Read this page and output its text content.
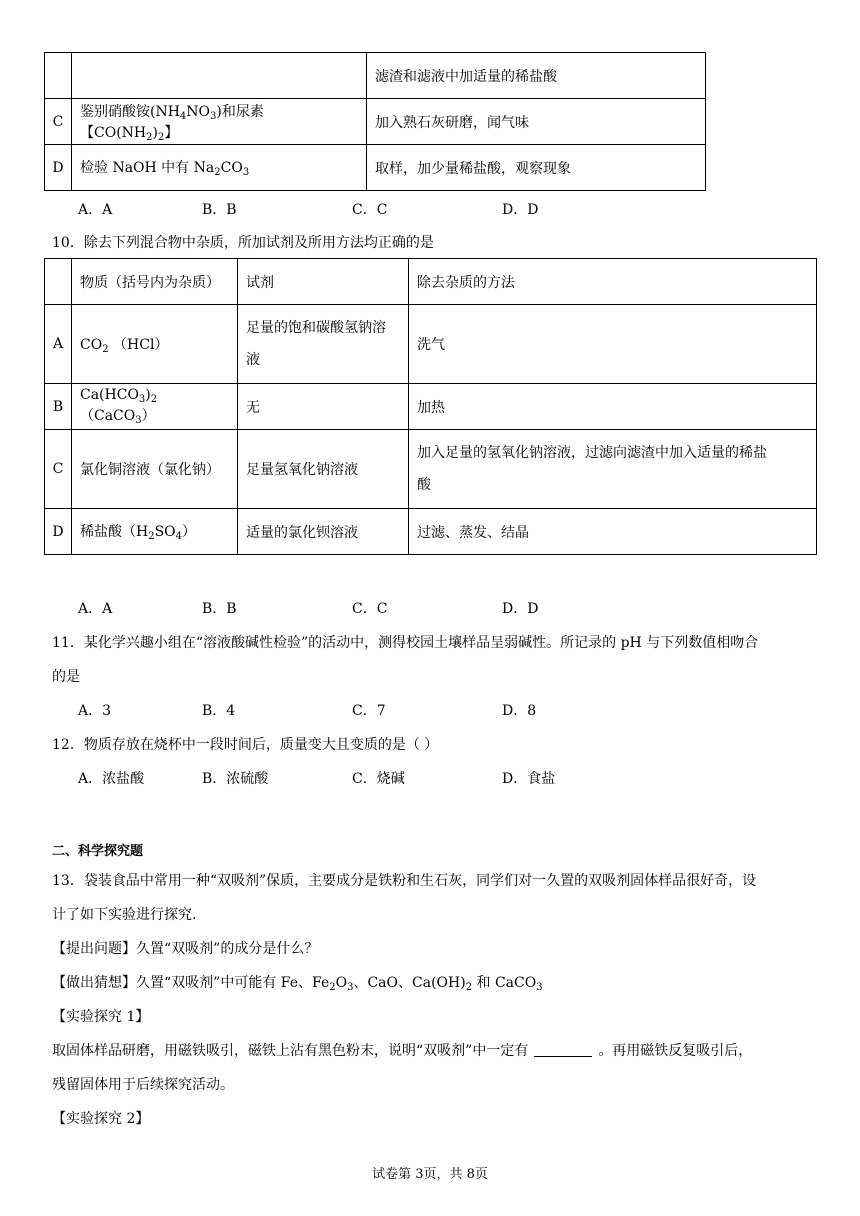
		滤渣和滤液中加适量的稀盐酸
C	鉴别硝酸铵$(NH_4NO_3)$和尿素【$CO(NH_2)_2$】	加入熟石灰研磨，闻气味
D	检验 NaOH 中有 $Na_2CO_3$	取样，加少量稀盐酸，观察现象
A．A	B．B	C．C	D．D
10．除去下列混合物中杂质，所加试剂及所用方法均正确的是
	物质（括号内为杂质）	试剂	除去杂质的方法
A	$CO_2$ （HCl）	足量的饱和碳酸氢钠溶
液	洗气
B	$Ca(HCO_3)_2(CaCO_3)$	无	加热
C	氯化铜溶液（氯化钠）	足量氢氧化钠溶液	加入足量的氢氧化钠溶液，过滤向滤渣中加入适量的稀盐
酸
D	稀盐酸$(H_2SO_4)$	适量的氯化钡溶液	过滤、蒸发、结晶
A．A	B．B	C．C	D．D
11．某化学兴趣小组在“溶液酸碱性检验”的活动中，测得校园土壤样品呈弱碱性。所记录的 pH 与下列数值相吻合
的是
A．3	B．4	C．7	D．8
12．物质存放在烧杯中一段时间后，质量变大且变质的是（ ）
A．浓盐酸	B．浓硫酸	C．烧碱	D．食盐
二、科学探究题
13．袋装食品中常用一种“双吸剂”保质，主要成分是铁粉和生石灰，同学们对一久置的双吸剂固体样品很好奇，设
计了如下实验进行探究.
【提出问题】久置“双吸剂”的成分是什么？
【做出猜想】久置“双吸剂”中可能有 Fe、$Fe_2O_3$、CaO、$Ca(OH)_2$ 和 CaCO$_3$
【实验探究 1】
取固体样品研磨，用磁铁吸引，磁铁上沾有黑色粉末，说明“双吸剂”中一定有	。再用磁铁反复吸引后，
残留固体用于后续探究活动。
【实验探究 2】
试卷第 3页，共 8页
